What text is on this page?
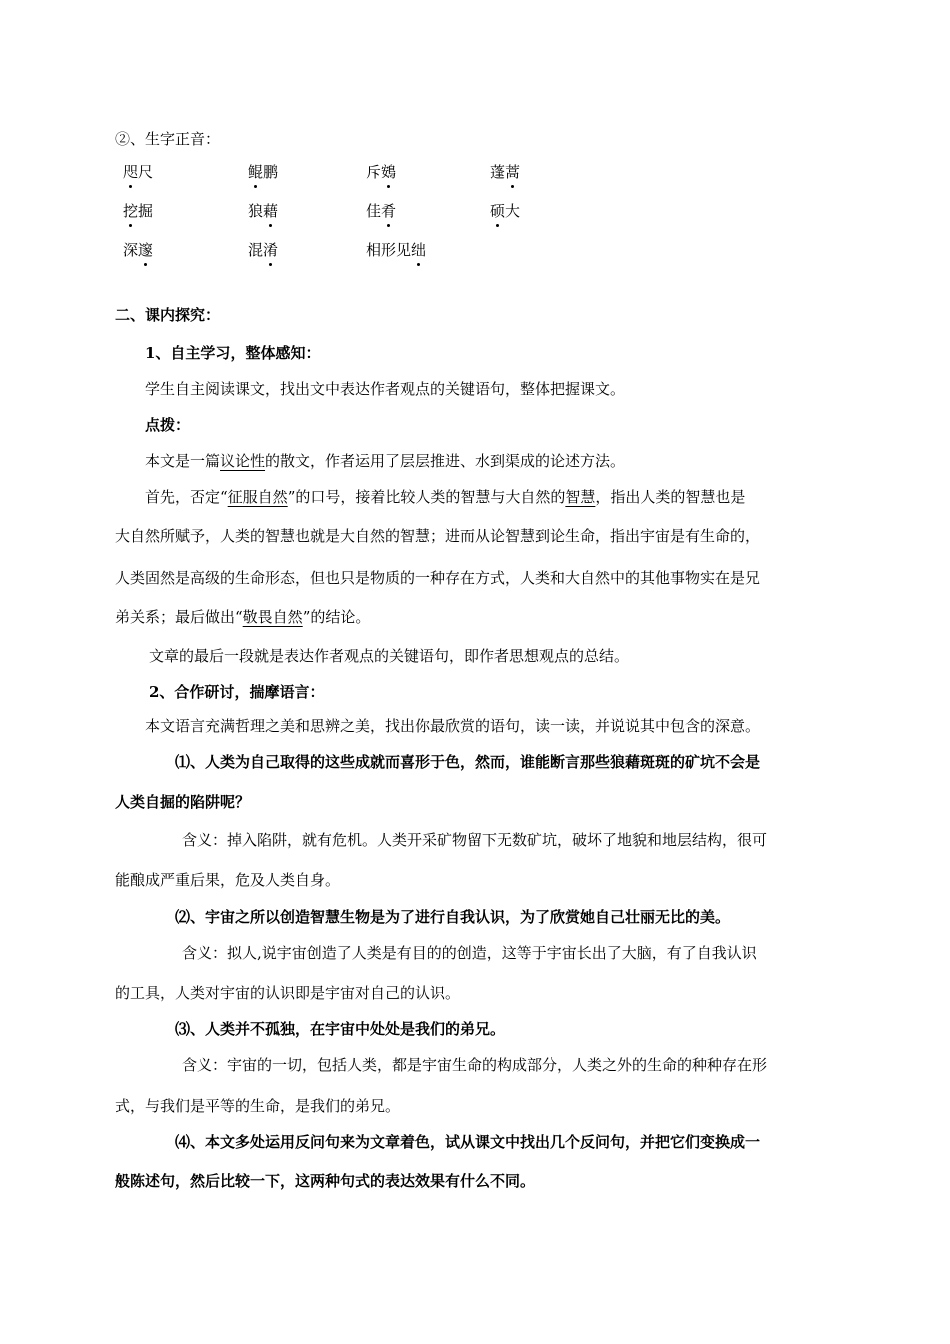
②、生字正音：
咫尺	鲲鹏	斥鴳	蓬蒿
挖掘	狼藉	佳肴	硕大
深邃	混淆	相形见绌
二、课内探究：
1、自主学习，整体感知：
学生自主阅读课文，找出文中表达作者观点的关键语句，整体把握课文。
点拨：
本文是一篇议论性的散文，作者运用了层层推进、水到渠成的论述方法。
首先，否定“征服自然”的口号，接着比较人类的智慧与大自然的智慧，指出人类的智慧也是
大自然所赋予，人类的智慧也就是大自然的智慧；进而从论智慧到论生命，指出宇宙是有生命的，
人类固然是高级的生命形态，但也只是物质的一种存在方式，人类和大自然中的其他事物实在是兄
弟关系；最后做出“敬畏自然”的结论。
文章的最后一段就是表达作者观点的关键语句，即作者思想观点的总结。
2、合作研讨，揣摩语言：
本文语言充满哲理之美和思辨之美，找出你最欣赏的语句，读一读，并说说其中包含的深意。
⑴、人类为自己取得的这些成就而喜形于色，然而，谁能断言那些狼藉斑斑的矿坑不会是
人类自掘的陷阱呢？
含义：掉入陷阱，就有危机。人类开采矿物留下无数矿坑，破坏了地貌和地层结构，很可
能酿成严重后果，危及人类自身。
⑵、宇宙之所以创造智慧生物是为了进行自我认识，为了欣赏她自己壮丽无比的美。
含义：拟人,说宇宙创造了人类是有目的的创造，这等于宇宙长出了大脑，有了自我认识
的工具，人类对宇宙的认识即是宇宙对自己的认识。
⑶、人类并不孤独，在宇宙中处处是我们的弟兄。
含义：宇宙的一切，包括人类，都是宇宙生命的构成部分，人类之外的生命的种种存在形
式，与我们是平等的生命，是我们的弟兄。
⑷、本文多处运用反问句来为文章着色，试从课文中找出几个反问句，并把它们变换成一
般陈述句，然后比较一下，这两种句式的表达效果有什么不同。
